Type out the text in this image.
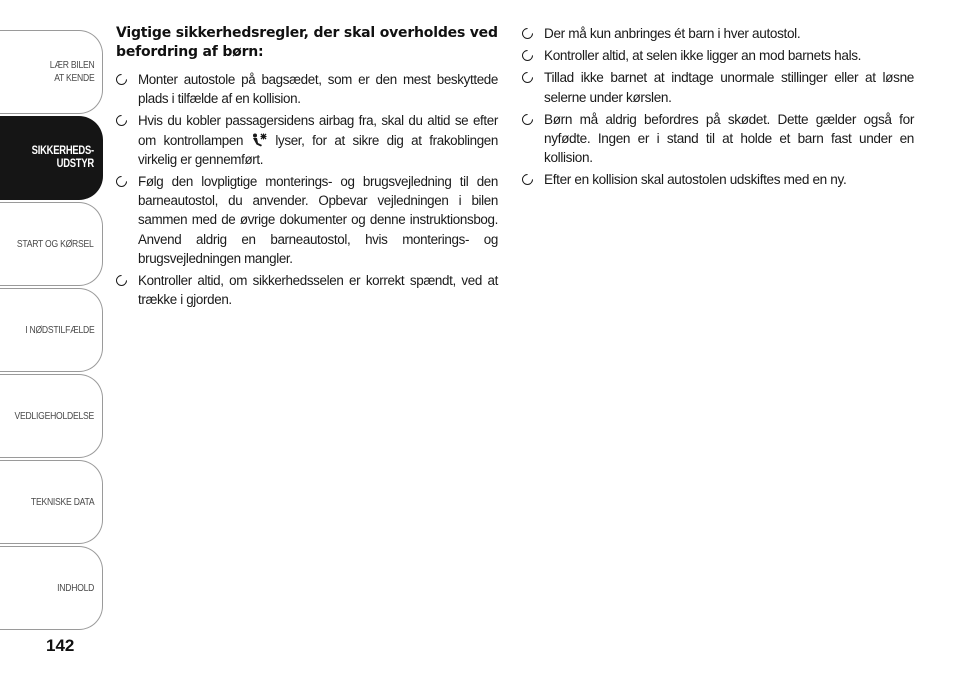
LÆR BILEN
AT KENDE
SIKKERHEDS-
UDSTYR
START OG KØRSEL
I NØDSTILFÆLDE
VEDLIGEHOLDELSE
TEKNISKE DATA
INDHOLD
142
Vigtige sikkerhedsregler, der skal overholdes ved befordring af børn:
Monter autostole på bagsædet, som er den mest beskyttede plads i tilfælde af en kollision.
Hvis du kobler passagersidens airbag fra, skal du altid se efter om kontrollampen  lyser, for at sikre dig at frakoblingen virkelig er gennemført.
Følg den lovpligtige monterings- og brugsvejledning til den barneautostol, du anvender. Opbevar vejledningen i bilen sammen med de øvrige dokumenter og denne instruktionsbog. Anvend aldrig en barneautostol, hvis monterings- og brugsvejledningen mangler.
Kontroller altid, om sikkerhedsselen er korrekt spændt, ved at trække i gjorden.
Der må kun anbringes ét barn i hver autostol.
Kontroller altid, at selen ikke ligger an mod barnets hals.
Tillad ikke barnet at indtage unormale stillinger eller at løsne selerne under kørslen.
Børn må aldrig befordres på skødet. Dette gælder også for nyfødte. Ingen er i stand til at holde et barn fast under en kollision.
Efter en kollision skal autostolen udskiftes med en ny.
